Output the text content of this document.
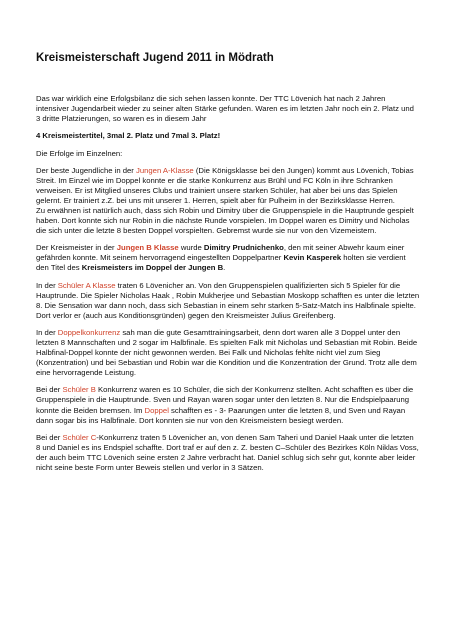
Kreismeisterschaft Jugend 2011 in Mödrath

Das war wirklich eine Erfolgsbilanz die sich sehen lassen konnte. Der TTC Lövenich hat nach 2 Jahren intensiver Jugendarbeit wieder zu seiner alten Stärke gefunden. Waren es im letzten Jahr noch ein 2. Platz und 3 dritte Platzierungen, so waren es in diesem Jahr

4 Kreismeistertitel, 3mal 2. Platz und 7mal 3. Platz!

Die Erfolge im Einzelnen:

Der beste Jugendliche in der Jungen A-Klasse (Die Königsklasse bei den Jungen) kommt aus Lövenich, Tobias Streit. Im Einzel wie im Doppel konnte er die starke Konkurrenz aus Brühl und FC Köln in ihre Schranken verweisen. Er ist Mitglied unseres Clubs und trainiert unsere starken Schüler, hat aber bei uns das Spielen gelernt. Er trainiert z.Z. bei uns mit unserer 1. Herren, spielt aber für Pulheim in der Bezirksklasse Herren.
Zu erwähnen ist natürlich auch, dass sich Robin und Dimitry über die Gruppenspiele in die Hauptrunde gespielt haben. Dort konnte sich nur Robin in die nächste Runde vorspielen. Im Doppel waren es Dimitry und Nicholas die sich unter die letzte 8 besten Doppel vorspielten. Gebremst wurde sie nur von den Vizemeistern.

Der Kreismeister in der Jungen B Klasse wurde Dimitry Prudnichenko, den mit seiner Abwehr kaum einer gefährden konnte. Mit seinem hervorragend eingestellten Doppelpartner Kevin Kasperek holten sie verdient den Titel des Kreismeisters im Doppel der Jungen B.

In der Schüler A Klasse traten 6 Lövenicher an. Von den Gruppenspielen qualifizierten sich 5 Spieler für die Hauptrunde. Die Spieler Nicholas Haak , Robin Mukherjee und Sebastian Moskopp schafften es unter die letzten 8. Die Sensation war dann noch, dass sich Sebastian in einem sehr starken 5-Satz-Match ins Halbfinale spielte. Dort verlor er (auch aus Konditionsgründen) gegen den Kreismeister Julius Greifenberg.

In der Doppelkonkurrenz sah man die gute Gesamttrainingsarbeit, denn dort waren alle 3 Doppel unter den letzten 8 Mannschaften und 2 sogar im Halbfinale. Es spielten Falk mit Nicholas und Sebastian mit Robin. Beide Halbfinal-Doppel konnte der nicht gewonnen werden. Bei Falk und Nicholas fehlte nicht viel zum Sieg (Konzentration) und bei Sebastian und Robin war die Kondition und die Konzentration der Grund. Trotz alle dem eine hervorragende Leistung.

Bei der Schüler B Konkurrenz waren es 10 Schüler, die sich der Konkurrenz stellten. Acht schafften es über die Gruppenspiele in die Hauptrunde. Sven und Rayan waren sogar unter den letzten 8. Nur die Endspielpaarung konnte die Beiden bremsen. Im Doppel schafften es - 3- Paarungen unter die letzten 8, und Sven und Rayan dann sogar bis ins Halbfinale. Dort konnten sie nur von den Kreismeistern besiegt werden.

Bei der Schüler C-Konkurrenz traten 5 Lövenicher an, von denen Sam Taheri und Daniel Haak unter die letzten 8 und Daniel es ins Endspiel schaffte. Dort traf er auf den z. Z. besten C–Schüler des Bezirkes Köln Niklas Voss, der auch beim TTC Lövenich seine ersten 2 Jahre verbracht hat. Daniel schlug sich sehr gut, konnte aber leider nicht seine beste Form unter Beweis stellen und verlor in 3 Sätzen.
